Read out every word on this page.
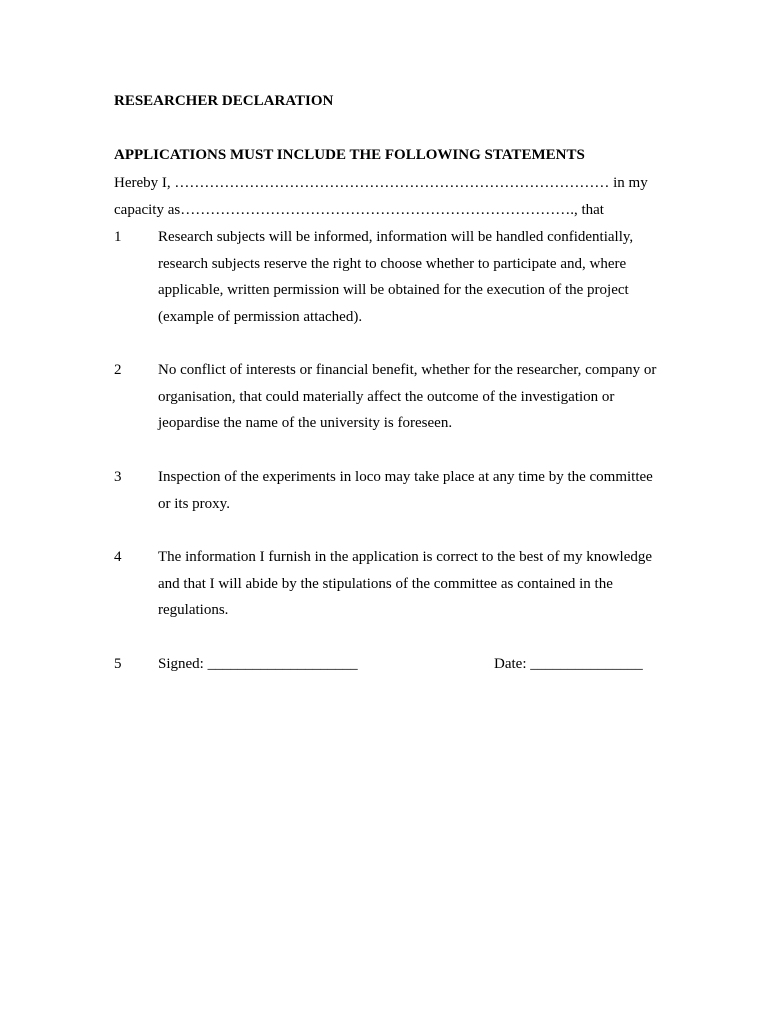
RESEARCHER DECLARATION
APPLICATIONS MUST INCLUDE THE FOLLOWING STATEMENTS
Hereby I, …………………………………………………………………………… in my
capacity as……………………………………………………………………., that
1	Research subjects will be informed, information will be handled confidentially, research subjects reserve the right to choose whether to participate and, where applicable, written permission will be obtained for the execution of the project (example of permission attached).
2	No conflict of interests or financial benefit, whether for the researcher, company or organisation, that could materially affect the outcome of the investigation or jeopardise the name of the university is foreseen.
3	Inspection of the experiments in loco may take place at any time by the committee or its proxy.
4	The information I furnish in the application is correct to the best of my knowledge and that I will abide by the stipulations of the committee as contained in the regulations.
5	Signed: ____________________	Date: _______________
